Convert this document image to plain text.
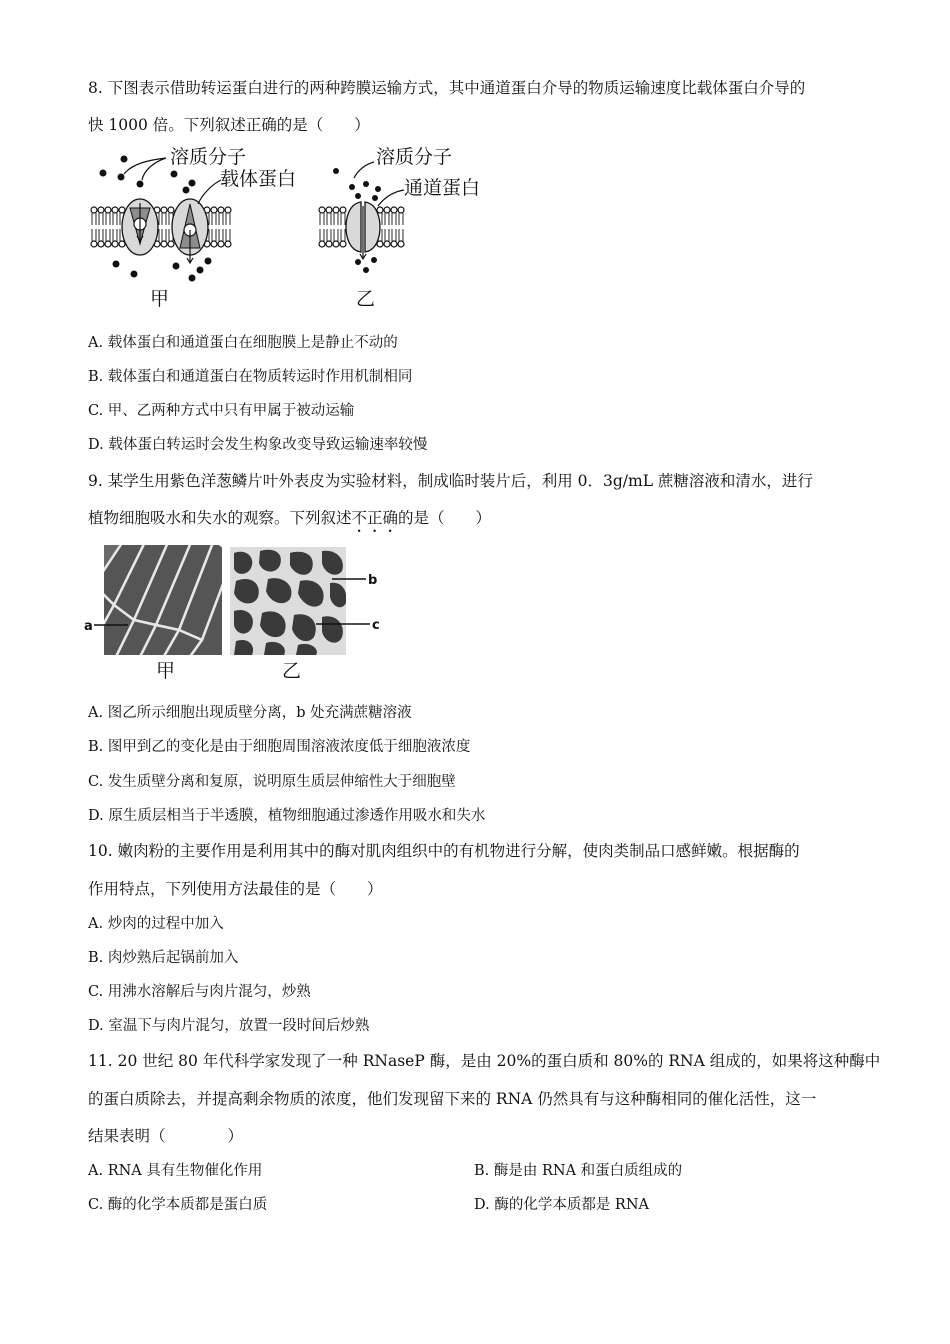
8. 下图表示借助转运蛋白进行的两种跨膜运输方式，其中通道蛋白介导的物质运输速度比载体蛋白介导的
快 1000 倍。下列叙述正确的是（　　）
溶质分子
载体蛋白
甲
溶质分子
通道蛋白
乙
A. 载体蛋白和通道蛋白在细胞膜上是静止不动的
B. 载体蛋白和通道蛋白在物质转运时作用机制相同
C. 甲、乙两种方式中只有甲属于被动运输
D. 载体蛋白转运时会发生构象改变导致运输速率较慢
9. 某学生用紫色洋葱鳞片叶外表皮为实验材料，制成临时装片后，利用 0．3g/mL 蔗糖溶液和清水，进行
植物细胞吸水和失水的观察。下列叙述不正确的是（　　）
a
b
c
甲	乙
A. 图乙所示细胞出现质壁分离，b 处充满蔗糖溶液
B. 图甲到乙的变化是由于细胞周围溶液浓度低于细胞液浓度
C. 发生质壁分离和复原，说明原生质层伸缩性大于细胞壁
D. 原生质层相当于半透膜，植物细胞通过渗透作用吸水和失水
10. 嫩肉粉的主要作用是利用其中的酶对肌肉组织中的有机物进行分解，使肉类制品口感鲜嫩。根据酶的
作用特点，下列使用方法最佳的是（　　）
A. 炒肉的过程中加入
B. 肉炒熟后起锅前加入
C. 用沸水溶解后与肉片混匀，炒熟
D. 室温下与肉片混匀，放置一段时间后炒熟
11. 20 世纪 80 年代科学家发现了一种 RNaseP 酶，是由 20%的蛋白质和 80%的 RNA 组成的，如果将这种酶中
的蛋白质除去，并提高剩余物质的浓度，他们发现留下来的 RNA 仍然具有与这种酶相同的催化活性，这一
结果表明（　　　　）
A. RNA 具有生物催化作用	B. 酶是由 RNA 和蛋白质组成的
C. 酶的化学本质都是蛋白质	D. 酶的化学本质都是 RNA
